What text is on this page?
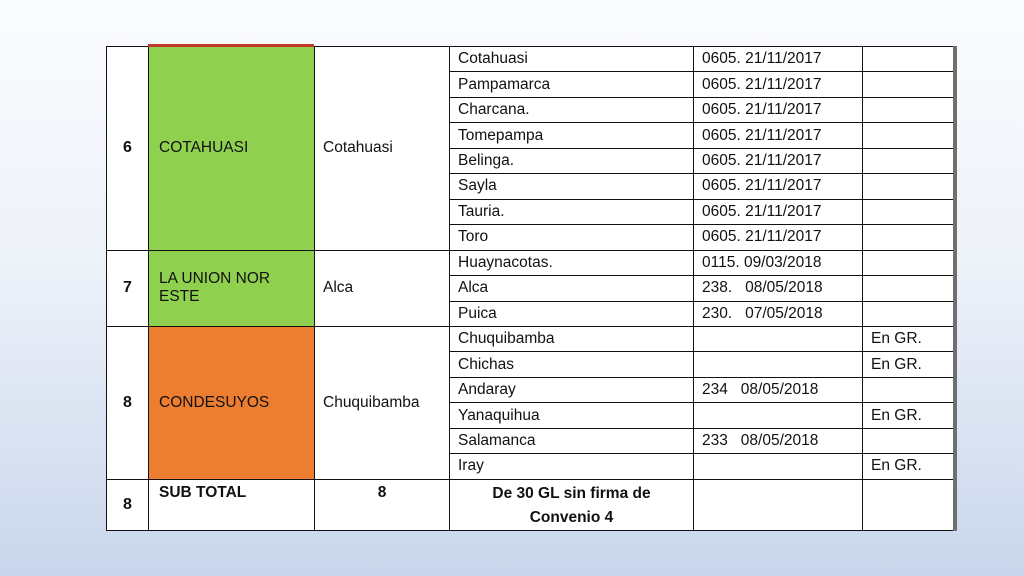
6	COTAHUASI	Cotahuasi	Cotahuasi	0605. 21/11/2017	
			Pampamarca	0605. 21/11/2017	
			Charcana.	0605. 21/11/2017	
			Tomepampa	0605. 21/11/2017	
			Belinga.	0605. 21/11/2017	
			Sayla	0605. 21/11/2017	
			Tauria.	0605. 21/11/2017	
			Toro	0605. 21/11/2017	
7	LA UNION NOR ESTE	Alca	Huaynacotas.	0115. 09/03/2018	
			Alca	238.   08/05/2018	
			Puica	230.   07/05/2018	
8	CONDESUYOS	Chuquibamba	Chuquibamba		En GR.
			Chichas		En GR.
			Andaray	234   08/05/2018	
			Yanaquihua		En GR.
			Salamanca	233   08/05/2018	
			Iray		En GR.
8	SUB TOTAL	8	De 30 GL sin firma de Convenio 4		
